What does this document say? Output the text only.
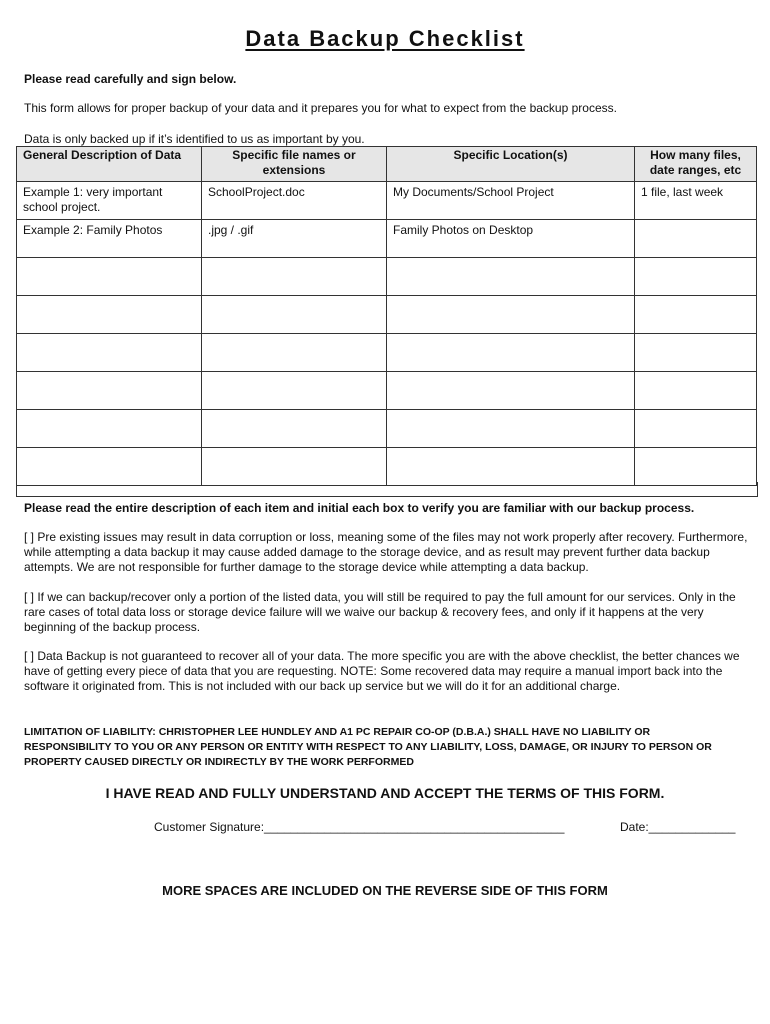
Data Backup Checklist
Please read carefully and sign below.
This form allows for proper backup of your data and it prepares you for what to expect from the backup process.
Data is only backed up if it’s identified to us as important by you.
General Description of Data	Specific file names or extensions	Specific Location(s)	How many files, date ranges, etc
Example 1: very important school project.	SchoolProject.doc	My Documents/School Project	1 file, last week
Example 2: Family Photos	.jpg / .gif	Family Photos on Desktop	

Please read the entire description of each item and initial each box to verify you are familiar with our backup process.
[ ] Pre existing issues may result in data corruption or loss, meaning some of the files may not work properly after recovery. Furthermore, while attempting a data backup it may cause added damage to the storage device, and as result may prevent further data backup attempts. We are not responsible for further damage to the storage device while attempting a data backup.
[ ] If we can backup/recover only a portion of the listed data, you will still be required to pay the full amount for our services. Only in the rare cases of total data loss or storage device failure will we waive our backup & recovery fees, and only if it happens at the very beginning of the backup process.
[ ] Data Backup is not guaranteed to recover all of your data. The more specific you are with the above checklist, the better chances we have of getting every piece of data that you are requesting. NOTE: Some recovered data may require a manual import back into the software it originated from. This is not included with our back up service but we will do it for an additional charge.
LIMITATION OF LIABILITY: CHRISTOPHER LEE HUNDLEY AND A1 PC REPAIR CO-OP (D.B.A.) SHALL HAVE NO LIABILITY OR RESPONSIBILITY TO YOU OR ANY PERSON OR ENTITY WITH RESPECT TO ANY LIABILITY, LOSS, DAMAGE, OR INJURY TO PERSON OR PROPERTY CAUSED DIRECTLY OR INDIRECTLY BY THE WORK PERFORMED
I HAVE READ AND FULLY UNDERSTAND AND ACCEPT THE TERMS OF THIS FORM.
Customer Signature:_____________________________________________	Date:_____________
MORE SPACES ARE INCLUDED ON THE REVERSE SIDE OF THIS FORM
